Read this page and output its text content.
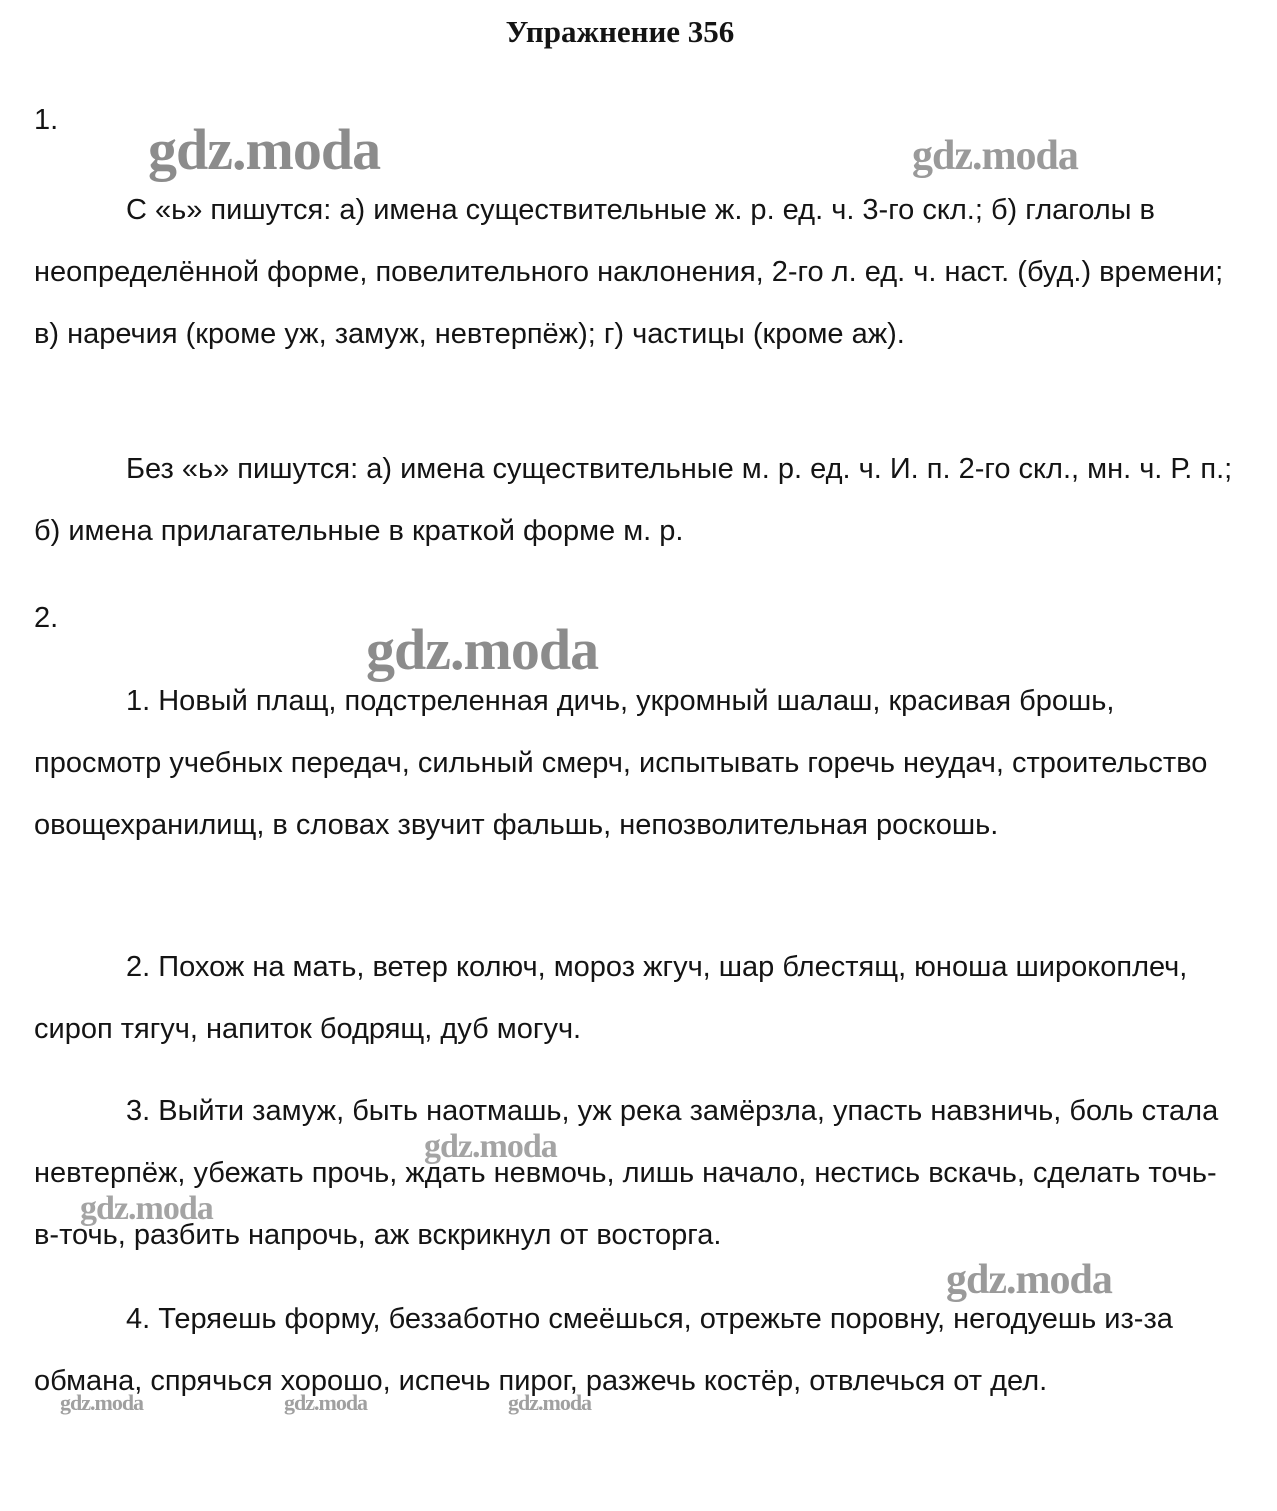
Упражнение 356
1.

С «ь» пишутся: а) имена существительные ж. р. ед. ч. 3-го скл.; б) глаголы в неопределённой форме, повелительного наклонения, 2-го л. ед. ч. наст. (буд.) времени; в) наречия (кроме уж, замуж, невтерпёж); г) частицы (кроме аж).

Без «ь» пишутся: а) имена существительные м. р. ед. ч. И. п. 2-го скл., мн. ч. Р. п.; б) имена прилагательные в краткой форме м. р.

2.

1. Новый плащ, подстреленная дичь, укромный шалаш, красивая брошь, просмотр учебных передач, сильный смерч, испытывать горечь неудач, строительство овощехранилищ, в словах звучит фальшь, непозволительная роскошь.

2. Похож на мать, ветер колюч, мороз жгуч, шар блестящ, юноша широкоплеч, сироп тягуч, напиток бодрящ, дуб могуч.

3. Выйти замуж, быть наотмашь, уж река замёрзла, упасть навзничь, боль стала невтерпёж, убежать прочь, ждать невмочь, лишь начало, нестись вскачь, сделать точь-в-точь, разбить напрочь, аж вскрикнул от восторга.

4. Теряешь форму, беззаботно смеёшься, отрежьте поровну, негодуешь из-за обмана, спрячься хорошо, испечь пирог, разжечь костёр, отвлечься от дел.

gdz.moda	gdz.moda
gdz.moda
gdz.moda
gdz.moda
gdz.moda
gdz.moda	gdz.moda	gdz.moda
